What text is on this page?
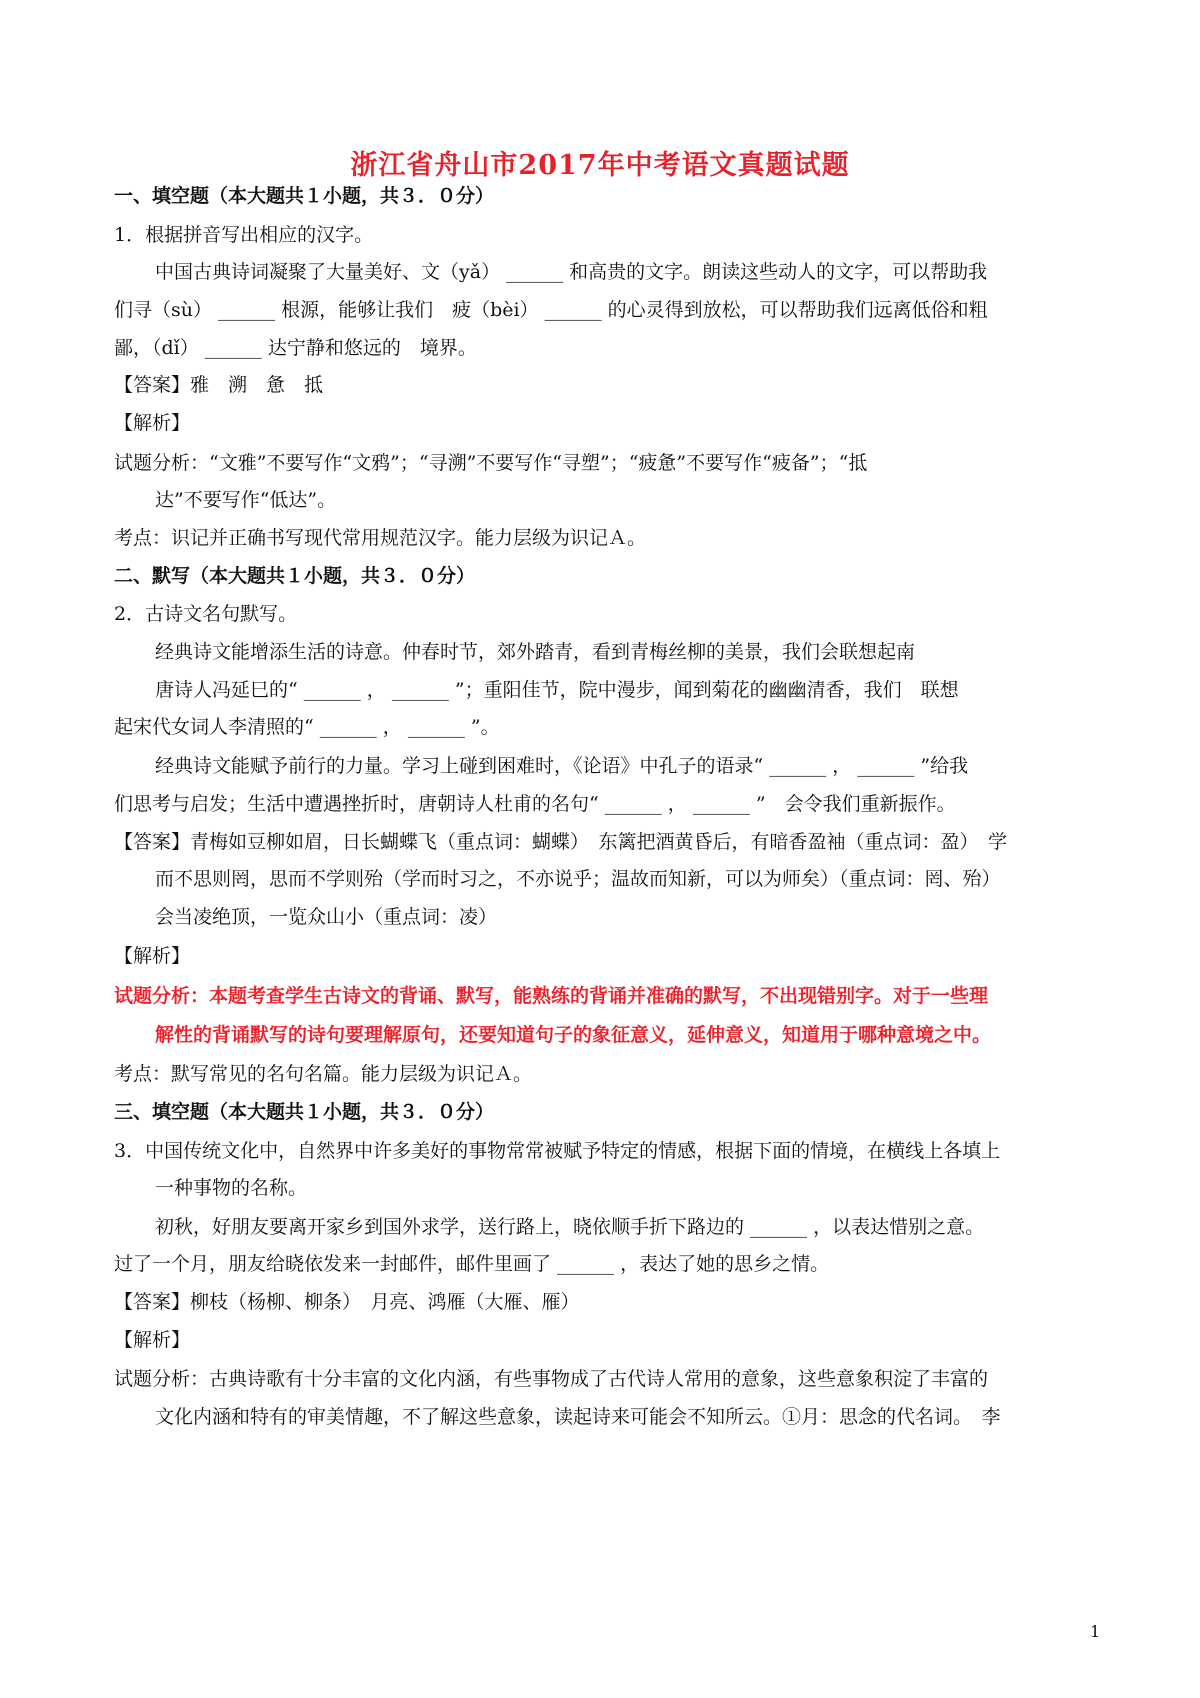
浙江省舟山市2017年中考语文真题试题
一、填空题（本大题共１小题，共３．０分）
1．根据拼音写出相应的汉字。
中国古典诗词凝聚了大量美好、文（yǎ） ______ 和高贵的文字。朗读这些动人的文字，可以帮助我
们寻（sù） ______ 根源，能够让我们　疲（bèi） ______ 的心灵得到放松，可以帮助我们远离低俗和粗
鄙，（dǐ） ______ 达宁静和悠远的　境界。
【答案】雅　溯　惫　抵
【解析】
试题分析：“文雅”不要写作“文鸦”；“寻溯”不要写作“寻塑”；“疲惫”不要写作“疲备”；“抵
达”不要写作“低达”。
考点：识记并正确书写现代常用规范汉字。能力层级为识记Ａ。
二、默写（本大题共１小题，共３．０分）
2．古诗文名句默写。
经典诗文能增添生活的诗意。仲春时节，郊外踏青，看到青梅丝柳的美景，我们会联想起南
唐诗人冯延巳的“ ______ ， ______ ”；重阳佳节，院中漫步，闻到菊花的幽幽清香，我们　联想
起宋代女词人李清照的“ ______ ， ______ ”。
经典诗文能赋予前行的力量。学习上碰到困难时，《论语》中孔子的语录“ ______ ， ______ ”给我
们思考与启发；生活中遭遇挫折时，唐朝诗人杜甫的名句“ ______ ， ______ ”　会令我们重新振作。
【答案】青梅如豆柳如眉，日长蝴蝶飞（重点词：蝴蝶）　东篱把酒黄昏后，有暗香盈袖（重点词：盈）　学
而不思则罔，思而不学则殆（学而时习之，不亦说乎；温故而知新，可以为师矣）（重点词：罔、殆）
会当凌绝顶，一览众山小（重点词：凌）
【解析】
试题分析：本题考查学生古诗文的背诵、默写，能熟练的背诵并准确的默写，不出现错别字。对于一些理
解性的背诵默写的诗句要理解原句，还要知道句子的象征意义，延伸意义，知道用于哪种意境之中。
考点：默写常见的名句名篇。能力层级为识记Ａ。
三、填空题（本大题共１小题，共３．０分）
3．中国传统文化中，自然界中许多美好的事物常常被赋予特定的情感，根据下面的情境，在横线上各填上
一种事物的名称。
初秋，好朋友要离开家乡到国外求学，送行路上，晓依顺手折下路边的 ______ ，以表达惜别之意。
过了一个月，朋友给晓依发来一封邮件，邮件里画了 ______ ，表达了她的思乡之情。
【答案】柳枝（杨柳、柳条）　月亮、鸿雁（大雁、雁）
【解析】
试题分析：古典诗歌有十分丰富的文化内涵，有些事物成了古代诗人常用的意象，这些意象积淀了丰富的
文化内涵和特有的审美情趣，不了解这些意象，读起诗来可能会不知所云。①月：思念的代名词。　李
1
